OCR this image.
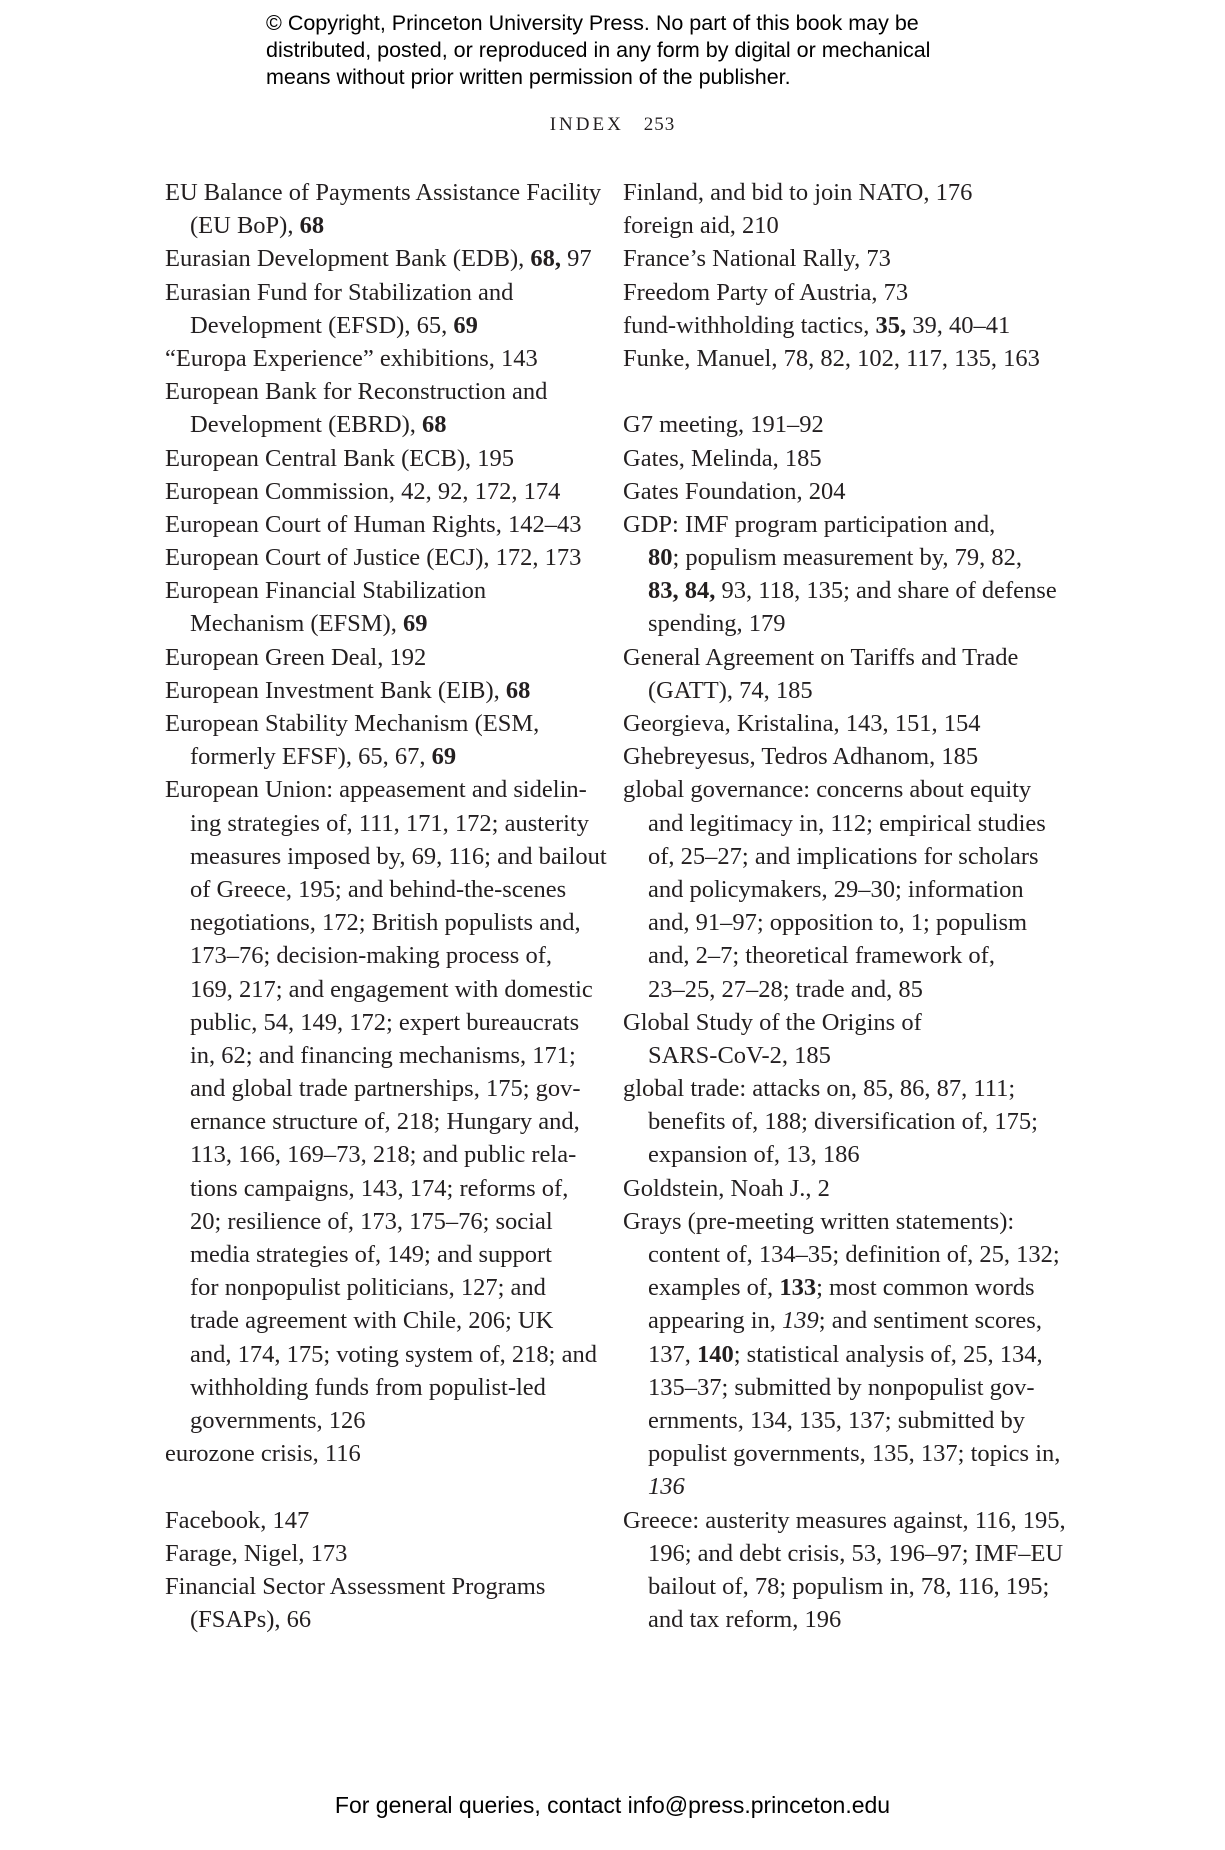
© Copyright, Princeton University Press. No part of this book may be
distributed, posted, or reproduced in any form by digital or mechanical
means without prior written permission of the publisher.
INDEX 253
EU Balance of Payments Assistance Facility
(EU BoP), 68
Eurasian Development Bank (EDB), 68, 97
Eurasian Fund for Stabilization and
Development (EFSD), 65, 69
“Europa Experience” exhibitions, 143
European Bank for Reconstruction and
Development (EBRD), 68
European Central Bank (ECB), 195
European Commission, 42, 92, 172, 174
European Court of Human Rights, 142–43
European Court of Justice (ECJ), 172, 173
European Financial Stabilization
Mechanism (EFSM), 69
European Green Deal, 192
European Investment Bank (EIB), 68
European Stability Mechanism (ESM,
formerly EFSF), 65, 67, 69
European Union: appeasement and sidelin-
ing strategies of, 111, 171, 172; austerity
measures imposed by, 69, 116; and bailout
of Greece, 195; and behind-the-scenes
negotiations, 172; British populists and,
173–76; decision-making process of,
169, 217; and engagement with domestic
public, 54, 149, 172; expert bureaucrats
in, 62; and financing mechanisms, 171;
and global trade partnerships, 175; gov-
ernance structure of, 218; Hungary and,
113, 166, 169–73, 218; and public rela-
tions campaigns, 143, 174; reforms of,
20; resilience of, 173, 175–76; social
media strategies of, 149; and support
for nonpopulist politicians, 127; and
trade agreement with Chile, 206; UK
and, 174, 175; voting system of, 218; and
withholding funds from populist-led
governments, 126
eurozone crisis, 116
Facebook, 147
Farage, Nigel, 173
Financial Sector Assessment Programs
(FSAPs), 66
Finland, and bid to join NATO, 176
foreign aid, 210
France’s National Rally, 73
Freedom Party of Austria, 73
fund-withholding tactics, 35, 39, 40–41
Funke, Manuel, 78, 82, 102, 117, 135, 163
G7 meeting, 191–92
Gates, Melinda, 185
Gates Foundation, 204
GDP: IMF program participation and,
80; populism measurement by, 79, 82,
83, 84, 93, 118, 135; and share of defense
spending, 179
General Agreement on Tariffs and Trade
(GATT), 74, 185
Georgieva, Kristalina, 143, 151, 154
Ghebreyesus, Tedros Adhanom, 185
global governance: concerns about equity
and legitimacy in, 112; empirical studies
of, 25–27; and implications for scholars
and policymakers, 29–30; information
and, 91–97; opposition to, 1; populism
and, 2–7; theoretical framework of,
23–25, 27–28; trade and, 85
Global Study of the Origins of
SARS-CoV-2, 185
global trade: attacks on, 85, 86, 87, 111;
benefits of, 188; diversification of, 175;
expansion of, 13, 186
Goldstein, Noah J., 2
Grays (pre-meeting written statements):
content of, 134–35; definition of, 25, 132;
examples of, 133; most common words
appearing in, 139; and sentiment scores,
137, 140; statistical analysis of, 25, 134,
135–37; submitted by nonpopulist gov-
ernments, 134, 135, 137; submitted by
populist governments, 135, 137; topics in,
136
Greece: austerity measures against, 116, 195,
196; and debt crisis, 53, 196–97; IMF–EU
bailout of, 78; populism in, 78, 116, 195;
and tax reform, 196
For general queries, contact info@press.princeton.edu
